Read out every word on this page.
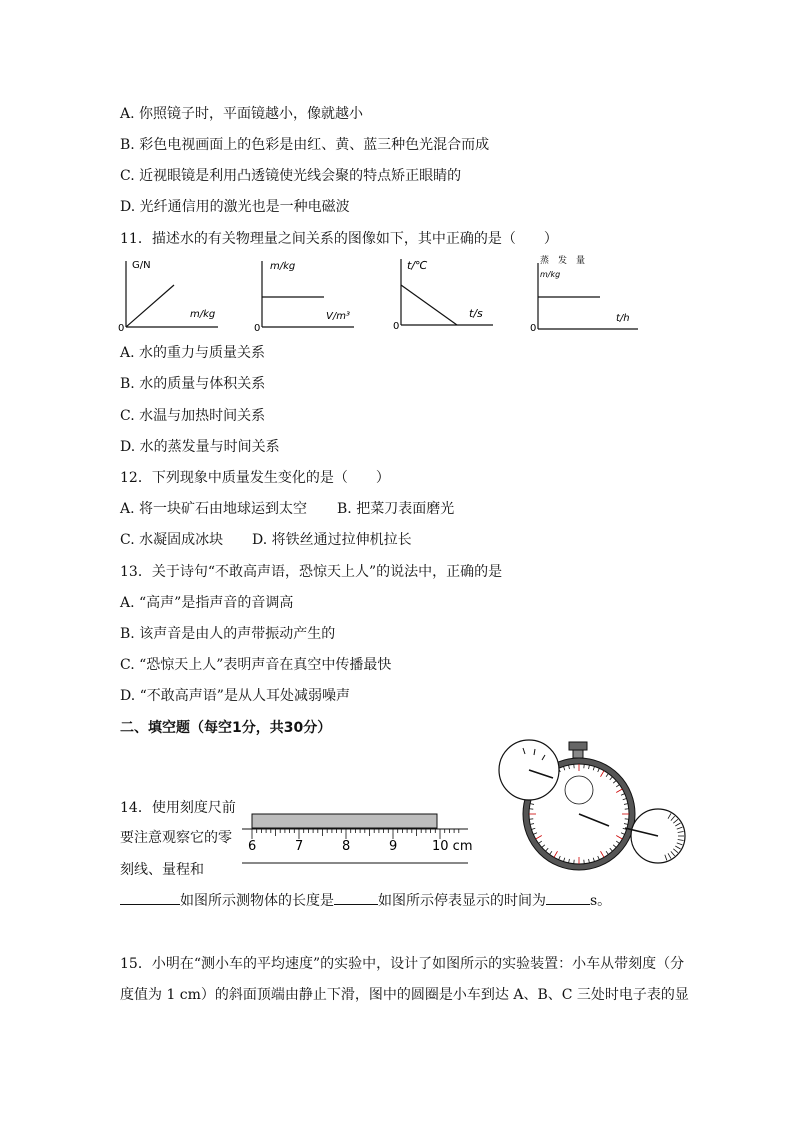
A. 你照镜子时，平面镜越小，像就越小
B. 彩色电视画面上的色彩是由红、黄、蓝三种色光混合而成
C. 近视眼镜是利用凸透镜使光线会聚的特点矫正眼睛的
D. 光纤通信用的激光也是一种电磁波
11．描述水的有关物理量之间关系的图像如下，其中正确的是（　　）
G/N
m/kg
0
m/kg
V/m³
0
t/℃
t/s
0
蒸　发　量
m/kg
t/h
0
A. 水的重力与质量关系
B. 水的质量与体积关系
C. 水温与加热时间关系
D. 水的蒸发量与时间关系
12．下列现象中质量发生变化的是（　　）
A. 将一块矿石由地球运到太空 B. 把菜刀表面磨光
C. 水凝固成冰块 D. 将铁丝通过拉伸机拉长
13．关于诗句“不敢高声语，恐惊天上人”的说法中，正确的是
A. “高声”是指声音的音调高
B. 该声音是由人的声带振动产生的
C. “恐惊天上人”表明声音在真空中传播最快
D. “不敢高声语”是从人耳处减弱噪声
二、填空题（每空1分，共30分）
14．使用刻度尺前
要注意观察它的零
刻线、量程和
6	7	8	9	10 cm
如图所示测物体的长度是	如图所示停表显示的时间为	s。
15．小明在“测小车的平均速度”的实验中，设计了如图所示的实验装置：小车从带刻度（分
度值为 1 cm）的斜面顶端由静止下滑，图中的圆圈是小车到达 A、B、C 三处时电子表的显
